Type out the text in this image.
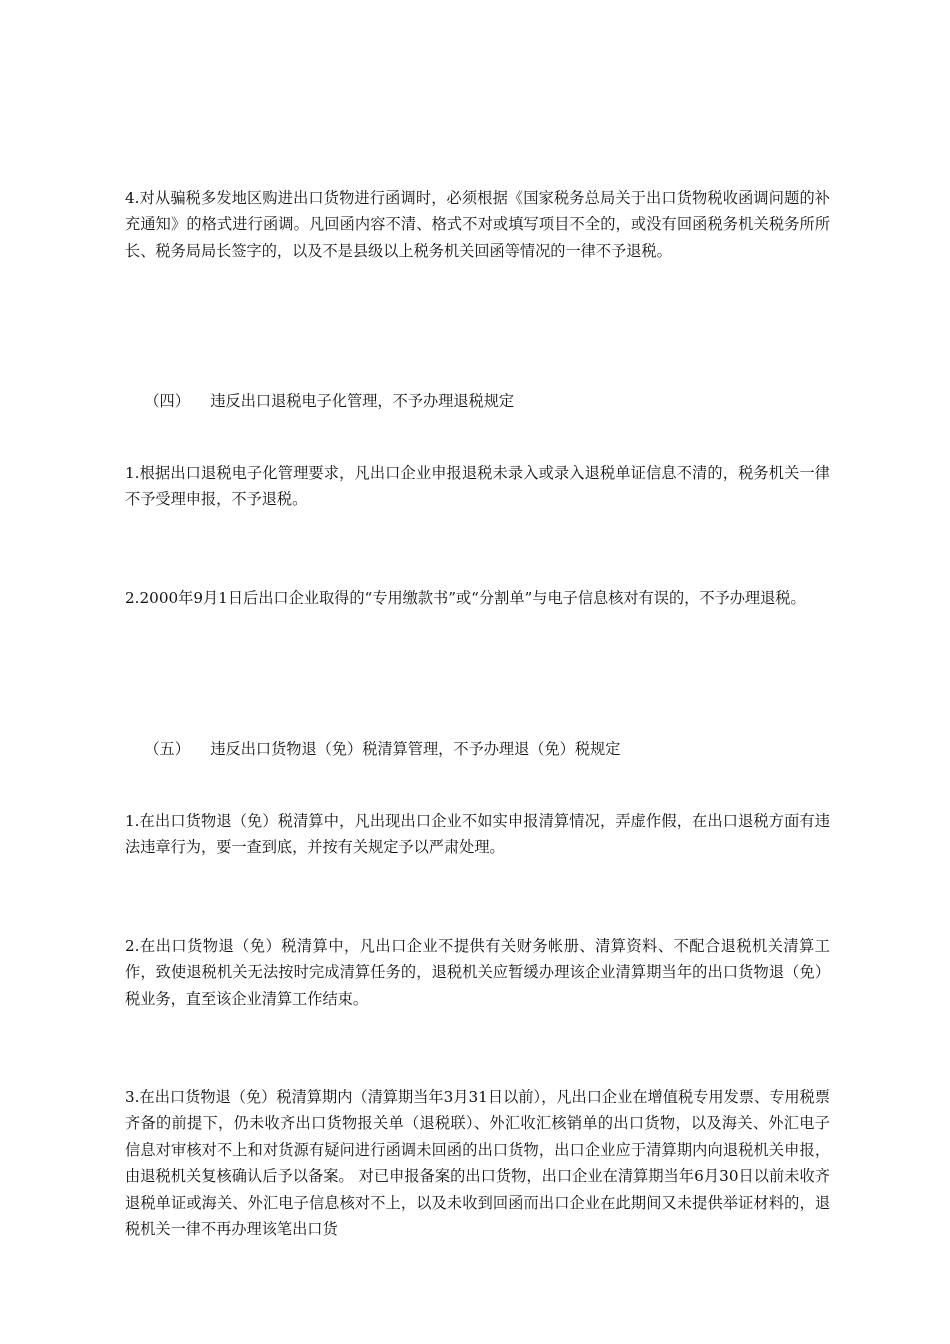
4.对从骗税多发地区购进出口货物进行函调时，必须根据《国家税务总局关于出口货物税收函调问题的补充通知》的格式进行函调。凡回函内容不清、格式不对或填写项目不全的，或没有回函税务机关税务所所长、税务局局长签字的，以及不是县级以上税务机关回函等情况的一律不予退税。

（四） 违反出口退税电子化管理，不予办理退税规定

1.根据出口退税电子化管理要求，凡出口企业申报退税未录入或录入退税单证信息不清的，税务机关一律不予受理申报，不予退税。

2.2000年9月1日后出口企业取得的“专用缴款书”或“分割单”与电子信息核对有误的，不予办理退税。

（五） 违反出口货物退（免）税清算管理，不予办理退（免）税规定

1.在出口货物退（免）税清算中，凡出现出口企业不如实申报清算情况，弄虚作假，在出口退税方面有违法违章行为，要一查到底，并按有关规定予以严肃处理。

2.在出口货物退（免）税清算中，凡出口企业不提供有关财务帐册、清算资料、不配合退税机关清算工作，致使退税机关无法按时完成清算任务的，退税机关应暂缓办理该企业清算期当年的出口货物退（免）税业务，直至该企业清算工作结束。

3.在出口货物退（免）税清算期内（清算期当年3月31日以前），凡出口企业在增值税专用发票、专用税票齐备的前提下，仍未收齐出口货物报关单（退税联）、外汇收汇核销单的出口货物，以及海关、外汇电子信息对审核对不上和对货源有疑问进行函调未回函的出口货物，出口企业应于清算期内向退税机关申报，由退税机关复核确认后予以备案。 对已申报备案的出口货物，出口企业在清算期当年6月30日以前未收齐退税单证或海关、外汇电子信息核对不上，以及未收到回函而出口企业在此期间又未提供举证材料的，退税机关一律不再办理该笔出口货
